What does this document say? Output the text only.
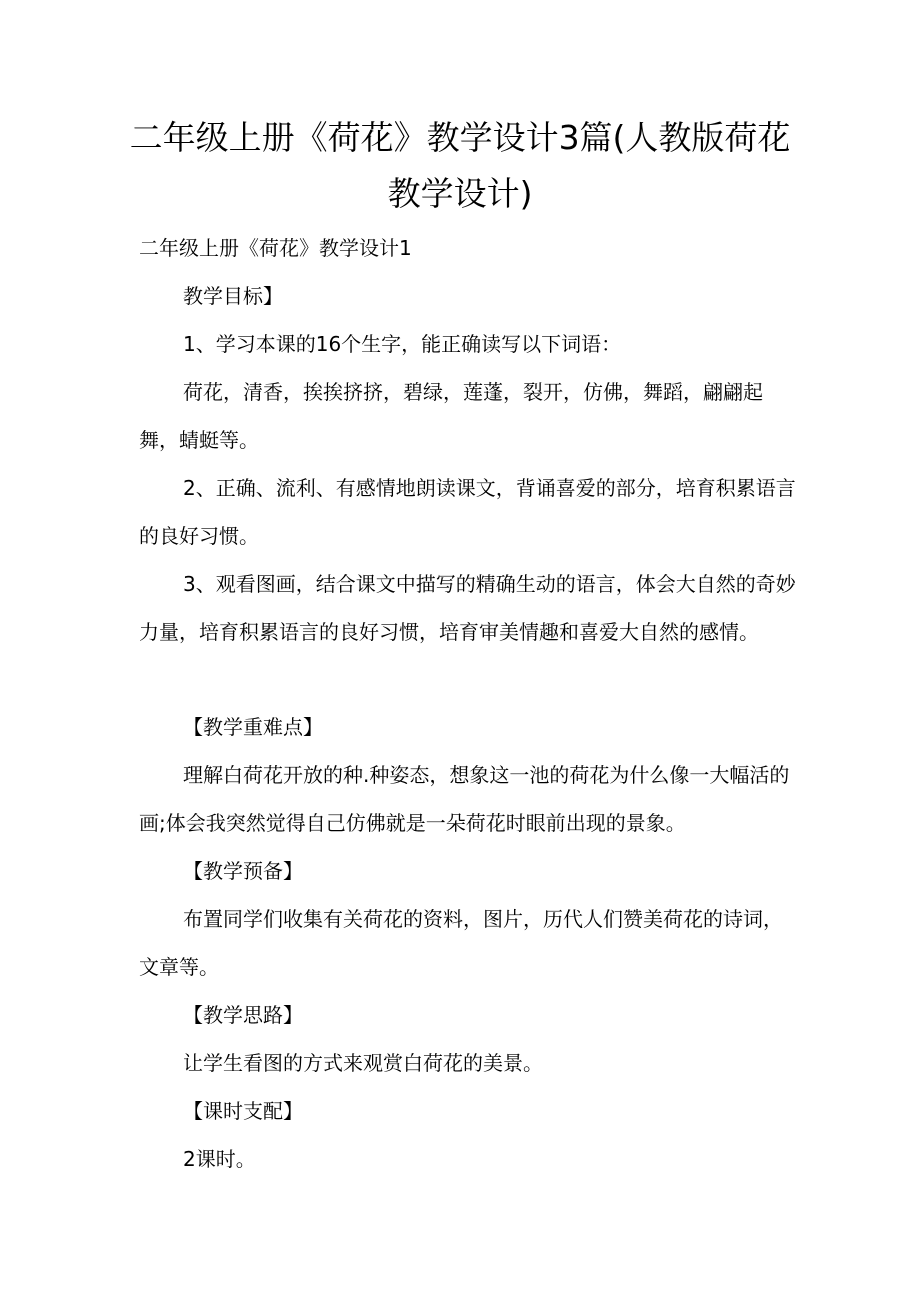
二年级上册《荷花》教学设计3篇(人教版荷花教学设计)

二年级上册《荷花》教学设计1

教学目标】

1、学习本课的16个生字，能正确读写以下词语：

荷花，清香，挨挨挤挤，碧绿，莲蓬，裂开，仿佛，舞蹈，翩翩起舞，蜻蜓等。

2、正确、流利、有感情地朗读课文，背诵喜爱的部分，培育积累语言的良好习惯。

3、观看图画，结合课文中描写的精确生动的语言，体会大自然的奇妙力量，培育积累语言的良好习惯，培育审美情趣和喜爱大自然的感情。

【教学重难点】

理解白荷花开放的种.种姿态，想象这一池的荷花为什么像一大幅活的画;体会我突然觉得自己仿佛就是一朵荷花时眼前出现的景象。

【教学预备】

布置同学们收集有关荷花的资料，图片，历代人们赞美荷花的诗词，文章等。

【教学思路】

让学生看图的方式来观赏白荷花的美景。

【课时支配】

2课时。
